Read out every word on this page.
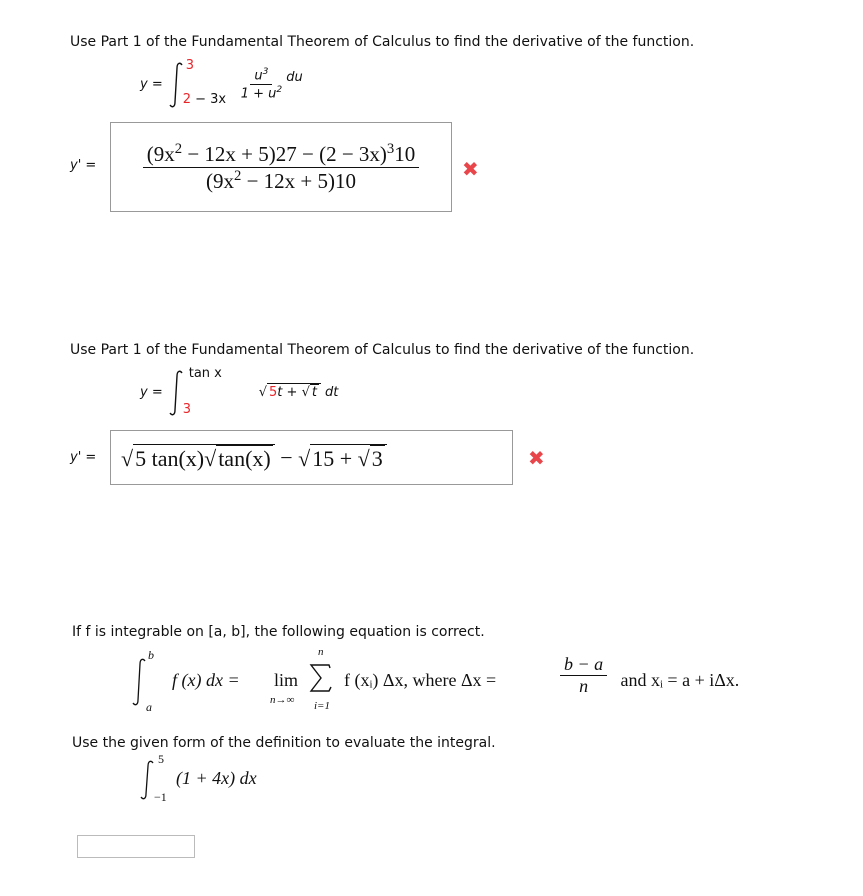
Use Part 1 of the Fundamental Theorem of Calculus to find the derivative of the function.
y =
3
$2 - 3x \frac{u^3}{1 + u^2}$ du
$y' = \frac{(9x^2 - 12x + 5)27 - (2 - 3x)^310}{(9x^2 - 12x + 5)10}$ ✖
Use Part 1 of the Fundamental Theorem of Calculus to find the derivative of the function.
y =
tan x
3
√ 5t + √ t dt
y' = √5 tan(x)√tan(x) − √15 + √3	✖
If f is integrable on [a, b], the following equation is correct.
b
a
f (x) dx = lim
n→∞
n
i=1
f (xᵢ) Δx, where Δx =	$\frac{b - a}{n}$ and xᵢ = a + iΔx.
Use the given form of the definition to evaluate the integral.
5
−1
(1 + 4x) dx
